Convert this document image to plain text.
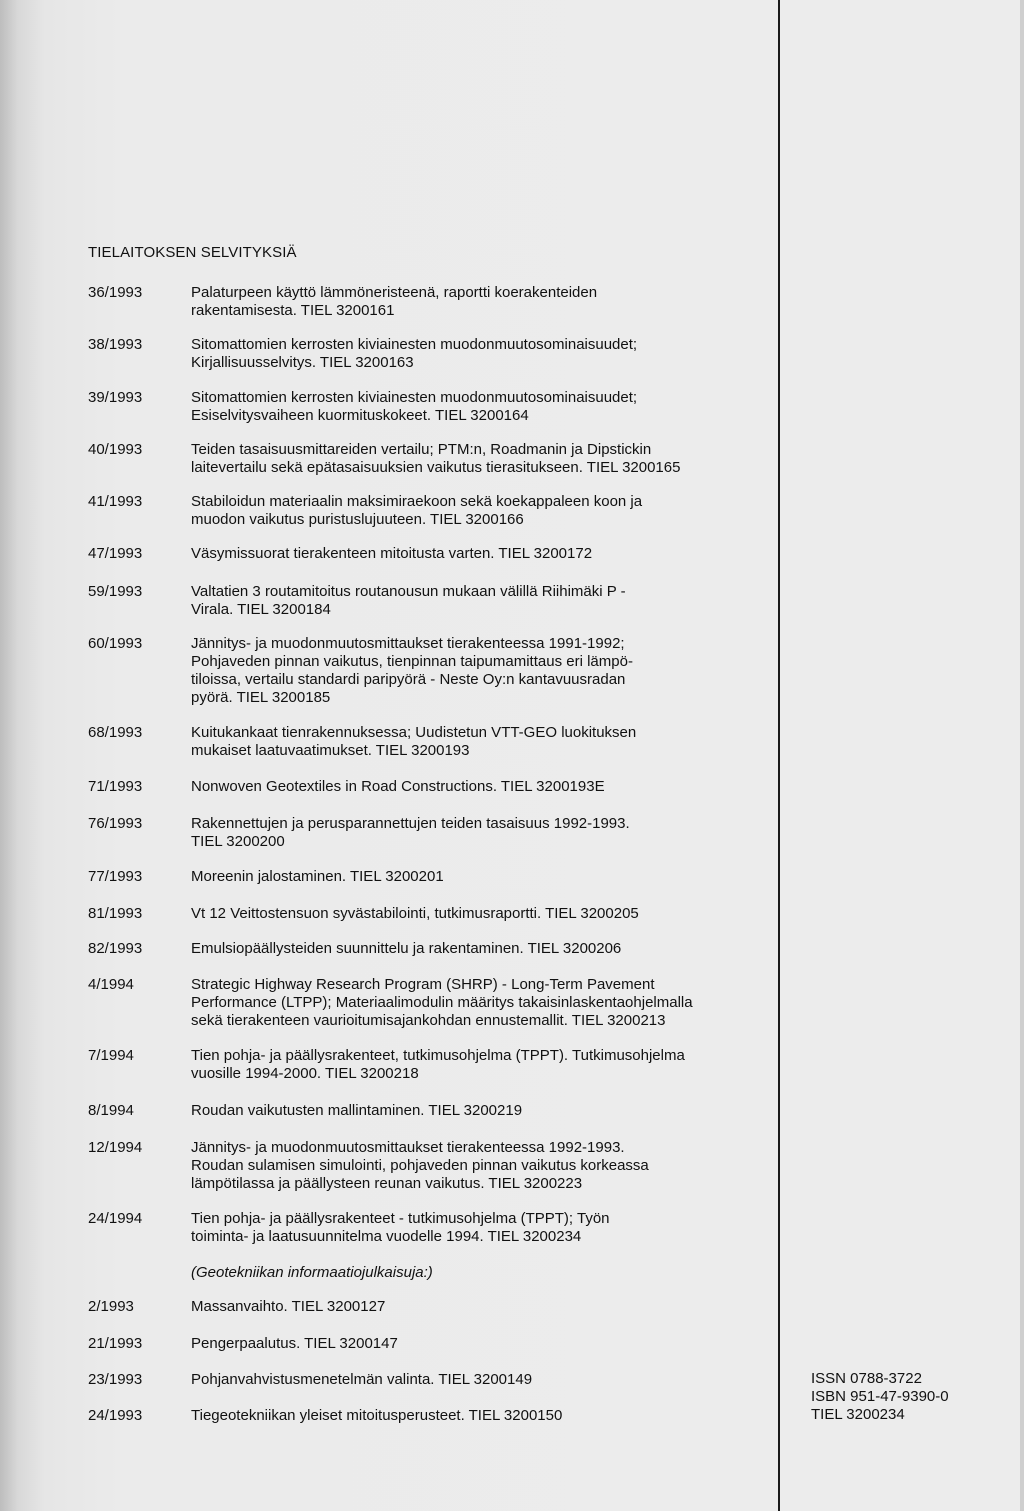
TIELAITOKSEN SELVITYKSIÄ
36/1993	Palaturpeen käyttö lämmöneristeenä, raportti koerakenteiden
rakentamisesta. TIEL 3200161
38/1993	Sitomattomien kerrosten kiviainesten muodonmuutosominaisuudet;
Kirjallisuusselvitys. TIEL 3200163
39/1993	Sitomattomien kerrosten kiviainesten muodonmuutosominaisuudet;
Esiselvitysvaiheen kuormituskokeet. TIEL 3200164
40/1993	Teiden tasaisuusmittareiden vertailu; PTM:n, Roadmanin ja Dipstickin
laitevertailu sekä epätasaisuuksien vaikutus tierasitukseen. TIEL 3200165
41/1993	Stabiloidun materiaalin maksimiraekoon sekä koekappaleen koon ja
muodon vaikutus puristuslujuuteen. TIEL 3200166
47/1993	Väsymissuorat tierakenteen mitoitusta varten. TIEL 3200172
59/1993	Valtatien 3 routamitoitus routanousun mukaan välillä Riihimäki P -
Virala. TIEL 3200184
60/1993	Jännitys- ja muodonmuutosmittaukset tierakenteessa 1991-1992;
Pohjaveden pinnan vaikutus, tienpinnan taipumamittaus eri lämpö-
tiloissa, vertailu standardi paripyörä - Neste Oy:n kantavuusradan
pyörä. TIEL 3200185
68/1993	Kuitukankaat tienrakennuksessa; Uudistetun VTT-GEO luokituksen
mukaiset laatuvaatimukset. TIEL 3200193
71/1993	Nonwoven Geotextiles in Road Constructions. TIEL 3200193E
76/1993	Rakennettujen ja perusparannettujen teiden tasaisuus 1992-1993.
TIEL 3200200
77/1993	Moreenin jalostaminen. TIEL 3200201
81/1993	Vt 12 Veittostensuon syvästabilointi, tutkimusraportti. TIEL 3200205
82/1993	Emulsiopäällysteiden suunnittelu ja rakentaminen. TIEL 3200206
4/1994	Strategic Highway Research Program (SHRP) - Long-Term Pavement
Performance (LTPP); Materiaalimodulin määritys takaisinlaskentaohjelmalla
sekä tierakenteen vaurioitumisajankohdan ennustemallit. TIEL 3200213
7/1994	Tien pohja- ja päällysrakenteet, tutkimusohjelma (TPPT). Tutkimusohjelma
vuosille 1994-2000. TIEL 3200218
8/1994	Roudan vaikutusten mallintaminen. TIEL 3200219
12/1994	Jännitys- ja muodonmuutosmittaukset tierakenteessa 1992-1993.
Roudan sulamisen simulointi, pohjaveden pinnan vaikutus korkeassa
lämpötilassa ja päällysteen reunan vaikutus. TIEL 3200223
24/1994	Tien pohja- ja päällysrakenteet - tutkimusohjelma (TPPT); Työn
toiminta- ja laatusuunnitelma vuodelle 1994. TIEL 3200234
(Geotekniikan informaatiojulkaisuja:)
2/1993	Massanvaihto. TIEL 3200127
21/1993	Pengerpaalutus. TIEL 3200147
23/1993	Pohjanvahvistusmenetelmän valinta. TIEL 3200149
24/1993	Tiegeotekniikan yleiset mitoitusperusteet. TIEL 3200150
ISSN 0788-3722
ISBN 951-47-9390-0
TIEL 3200234
